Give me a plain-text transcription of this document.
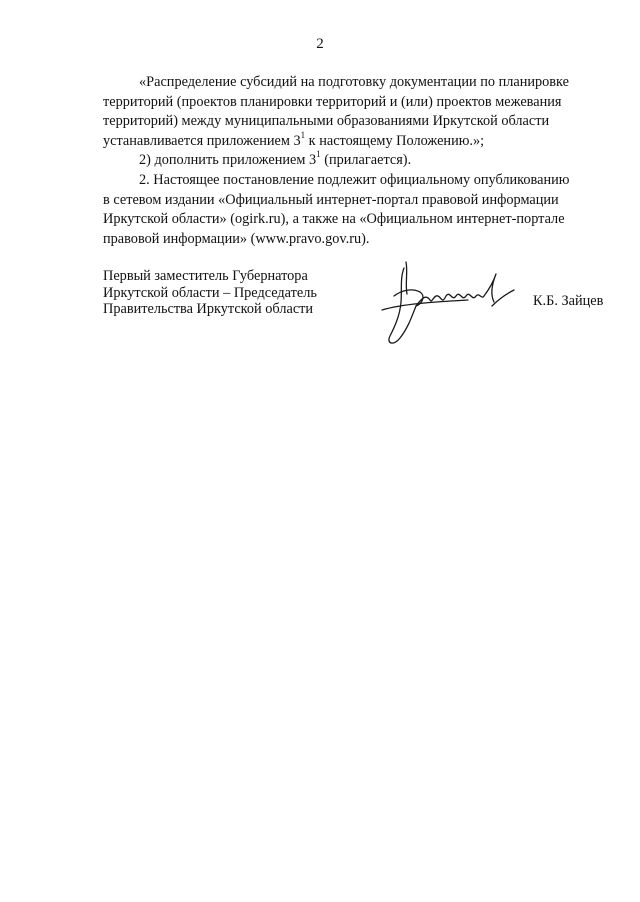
2
«Распределение субсидий на подготовку документации по планировке
территорий (проектов планировки территорий и (или) проектов межевания
территорий) между муниципальными образованиями Иркутской области
устанавливается приложением $3^1$ к настоящему Положению.»;
2) дополнить приложением $3^1$ (прилагается).
2. Настоящее постановление подлежит официальному опубликованию
в сетевом издании «Официальный интернет-портал правовой информации
Иркутской области» (ogirk.ru), а также на «Официальном интернет-портале
правовой информации» (www.pravo.gov.ru).
Первый заместитель Губернатора
Иркутской области – Председатель
Правительства Иркутской области	К.Б. Зайцев
